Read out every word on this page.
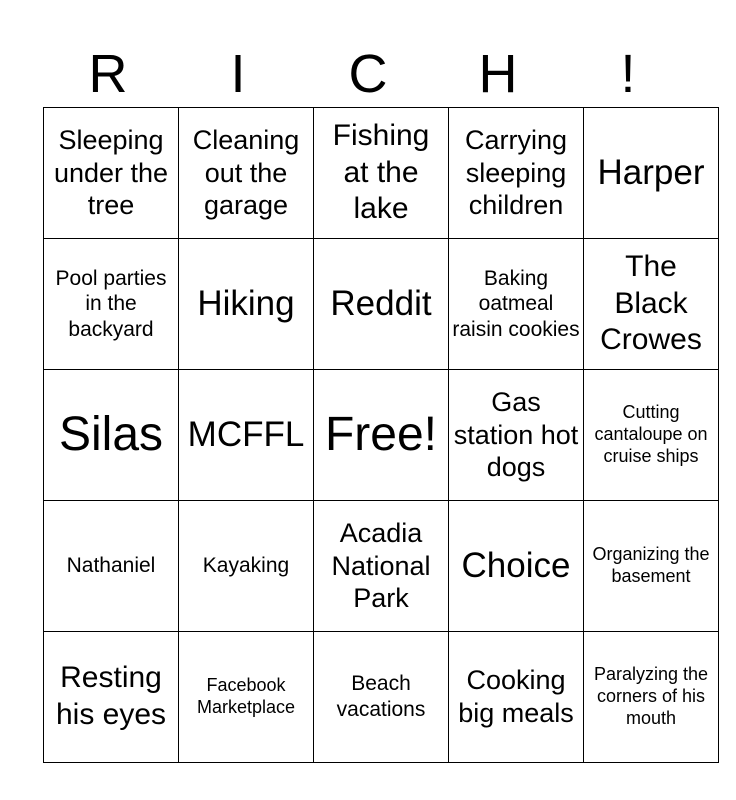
R	I	C	H	!
Sleeping under the tree	Cleaning out the garage	Fishing at the lake	Carrying sleeping children	Harper
Pool parties in the backyard	Hiking	Reddit	Baking oatmeal raisin cookies	The Black Crowes
Silas	MCFFL	Free!	Gas station hot dogs	Cutting cantaloupe on cruise ships
Nathaniel	Kayaking	Acadia National Park	Choice	Organizing the basement
Resting his eyes	Facebook Marketplace	Beach vacations	Cooking big meals	Paralyzing the corners of his mouth
